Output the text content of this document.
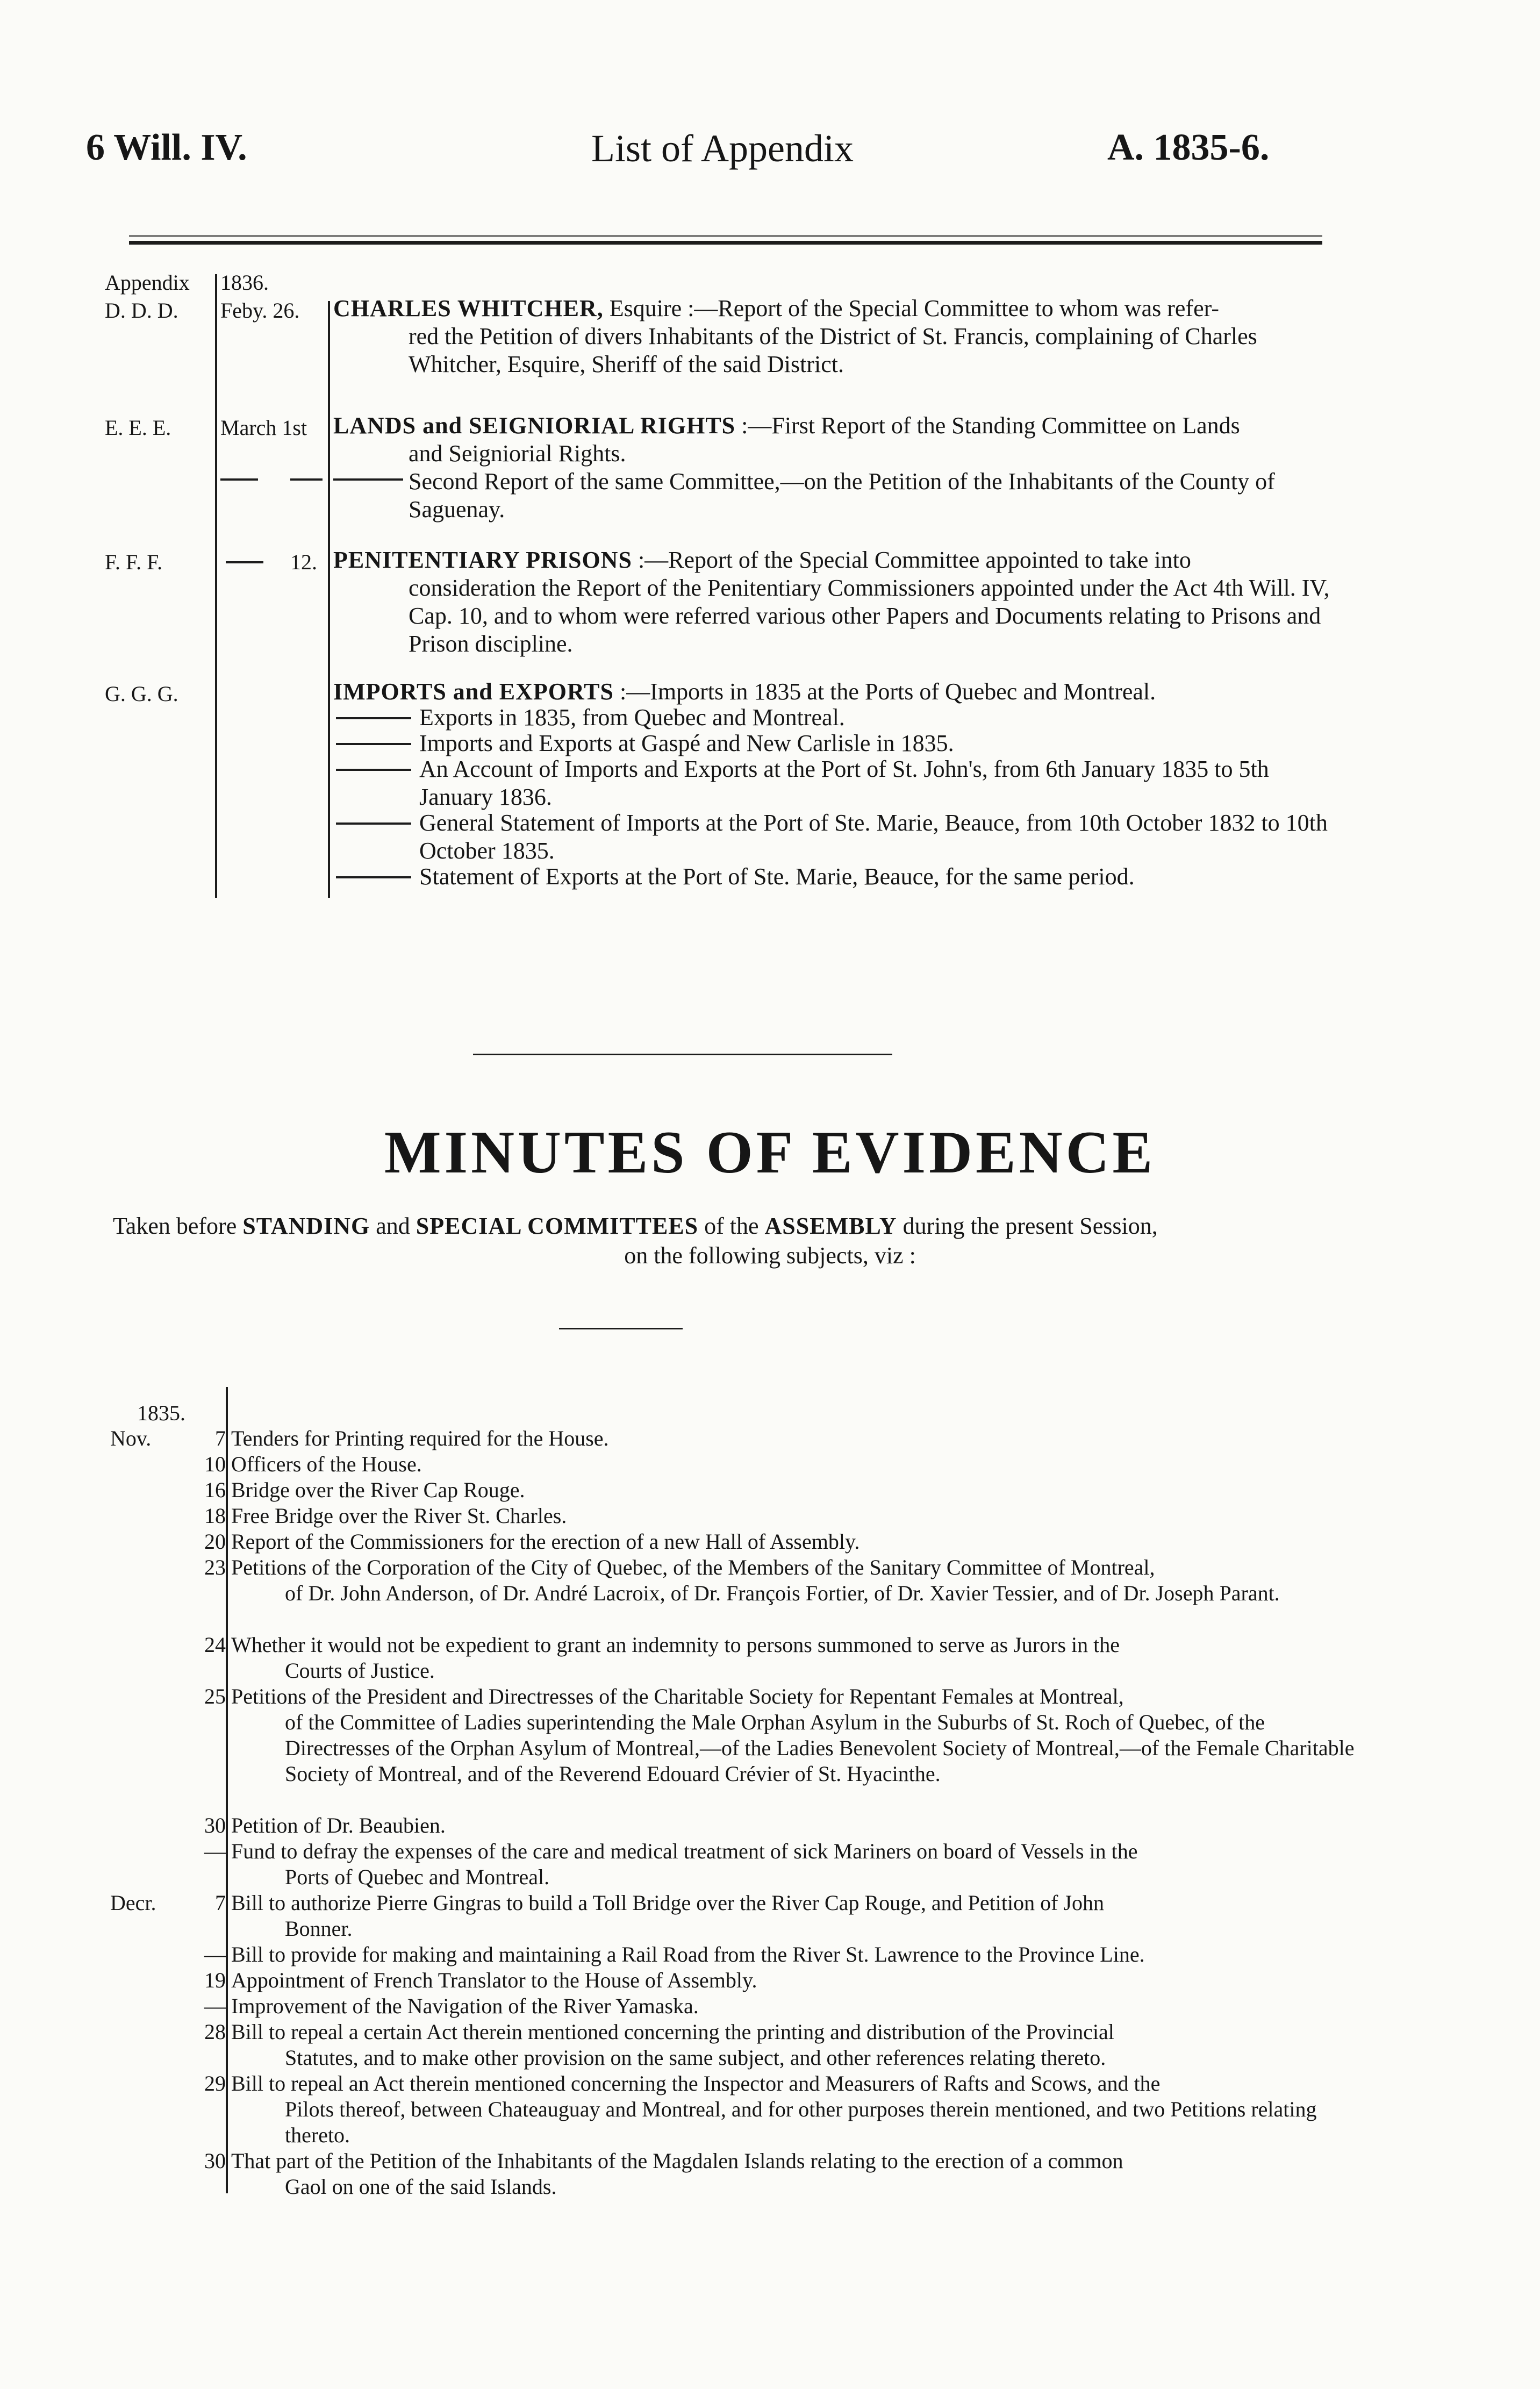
6 Will. IV.	List of Appendix	A. 1835-6.
Appendix 1836.
D. D. D. Feby. 26. CHARLES WHITCHER, Esquire :—Report of the Special Committee to whom was refer-
red the Petition of divers Inhabitants of the District of St. Francis, complaining of Charles Whitcher, Esquire, Sheriff of the said District.
E. E. E. March 1st LANDS and SEIGNIORIAL RIGHTS :—First Report of the Standing Committee on Lands
and Seigniorial Rights.
Second Report of the same Committee,—on the Petition of the Inhabitants of the County of Saguenay.
F. F. F.	12. PENITENTIARY PRISONS :—Report of the Special Committee appointed to take into
consideration the Report of the Penitentiary Commissioners appointed under the Act 4th Will. IV, Cap. 10, and to whom were referred various other Papers and Documents relating to Prisons and Prison discipline.
G. G. G.	IMPORTS and EXPORTS :—Imports in 1835 at the Ports of Quebec and Montreal.
Exports in 1835, from Quebec and Montreal.
Imports and Exports at Gaspé and New Carlisle in 1835.
An Account of Imports and Exports at the Port of St. John's, from 6th January 1835 to 5th January 1836.
General Statement of Imports at the Port of Ste. Marie, Beauce, from 10th October 1832 to 10th October 1835.
Statement of Exports at the Port of Ste. Marie, Beauce, for the same period.
MINUTES OF EVIDENCE
Taken before STANDING and SPECIAL COMMITTEES of the ASSEMBLY during the present Session,
on the following subjects, viz :
1835.
Nov.	7 Tenders for Printing required for the House.
10 Officers of the House.
16 Bridge over the River Cap Rouge.
18 Free Bridge over the River St. Charles.
20 Report of the Commissioners for the erection of a new Hall of Assembly.
23 Petitions of the Corporation of the City of Quebec, of the Members of the Sanitary Committee of Montreal,
of Dr. John Anderson, of Dr. André Lacroix, of Dr. François Fortier, of Dr. Xavier Tessier, and of Dr. Joseph Parant.
24 Whether it would not be expedient to grant an indemnity to persons summoned to serve as Jurors in the
Courts of Justice.
25 Petitions of the President and Directresses of the Charitable Society for Repentant Females at Montreal,
of the Committee of Ladies superintending the Male Orphan Asylum in the Suburbs of St. Roch of Quebec, of the Directresses of the Orphan Asylum of Montreal,—of the Ladies Benevolent Society of Montreal,—of the Female Charitable Society of Montreal, and of the Reverend Edouard Crévier of St. Hyacinthe.
30 Petition of Dr. Beaubien.
— Fund to defray the expenses of the care and medical treatment of sick Mariners on board of Vessels in the
Ports of Quebec and Montreal.
Decr.	7 Bill to authorize Pierre Gingras to build a Toll Bridge over the River Cap Rouge, and Petition of John
Bonner.
— Bill to provide for making and maintaining a Rail Road from the River St. Lawrence to the Province Line.
19 Appointment of French Translator to the House of Assembly.
— Improvement of the Navigation of the River Yamaska.
28 Bill to repeal a certain Act therein mentioned concerning the printing and distribution of the Provincial
Statutes, and to make other provision on the same subject, and other references relating thereto.
29 Bill to repeal an Act therein mentioned concerning the Inspector and Measurers of Rafts and Scows, and the
Pilots thereof, between Chateauguay and Montreal, and for other purposes therein mentioned, and two Petitions relating thereto.
30 That part of the Petition of the Inhabitants of the Magdalen Islands relating to the erection of a common
Gaol on one of the said Islands.
